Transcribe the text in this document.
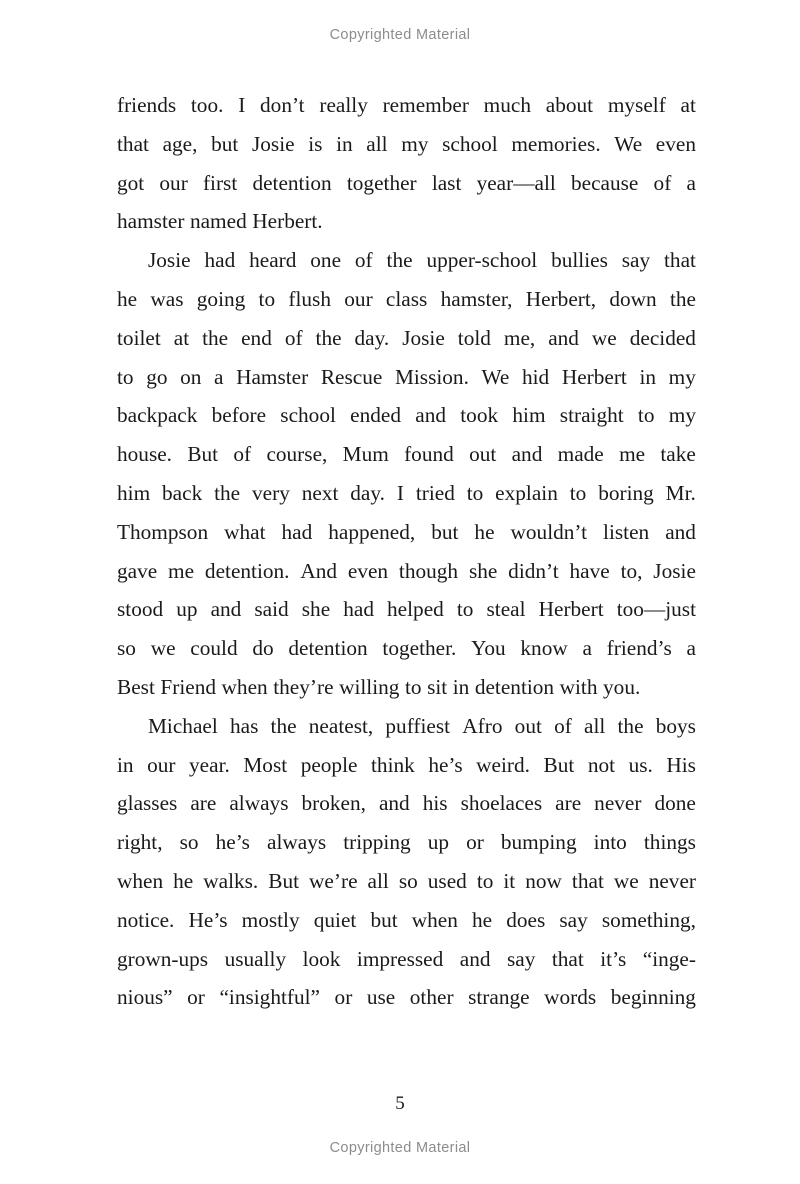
Copyrighted Material
friends too. I don’t really remember much about myself at
that age, but Josie is in all my school memories. We even
got our first detention together last year—all because of a
hamster named Herbert.
Josie had heard one of the upper-school bullies say that
he was going to flush our class hamster, Herbert, down the
toilet at the end of the day. Josie told me, and we decided
to go on a Hamster Rescue Mission. We hid Herbert in my
backpack before school ended and took him straight to my
house. But of course, Mum found out and made me take
him back the very next day. I tried to explain to boring Mr.
Thompson what had happened, but he wouldn’t listen and
gave me detention. And even though she didn’t have to, Josie
stood up and said she had helped to steal Herbert too—just
so we could do detention together. You know a friend’s a
Best Friend when they’re willing to sit in detention with you.
Michael has the neatest, puffiest Afro out of all the boys
in our year. Most people think he’s weird. But not us. His
glasses are always broken, and his shoelaces are never done
right, so he’s always tripping up or bumping into things
when he walks. But we’re all so used to it now that we never
notice. He’s mostly quiet but when he does say something,
grown-ups usually look impressed and say that it’s “inge-
nious” or “insightful” or use other strange words beginning
5
Copyrighted Material
